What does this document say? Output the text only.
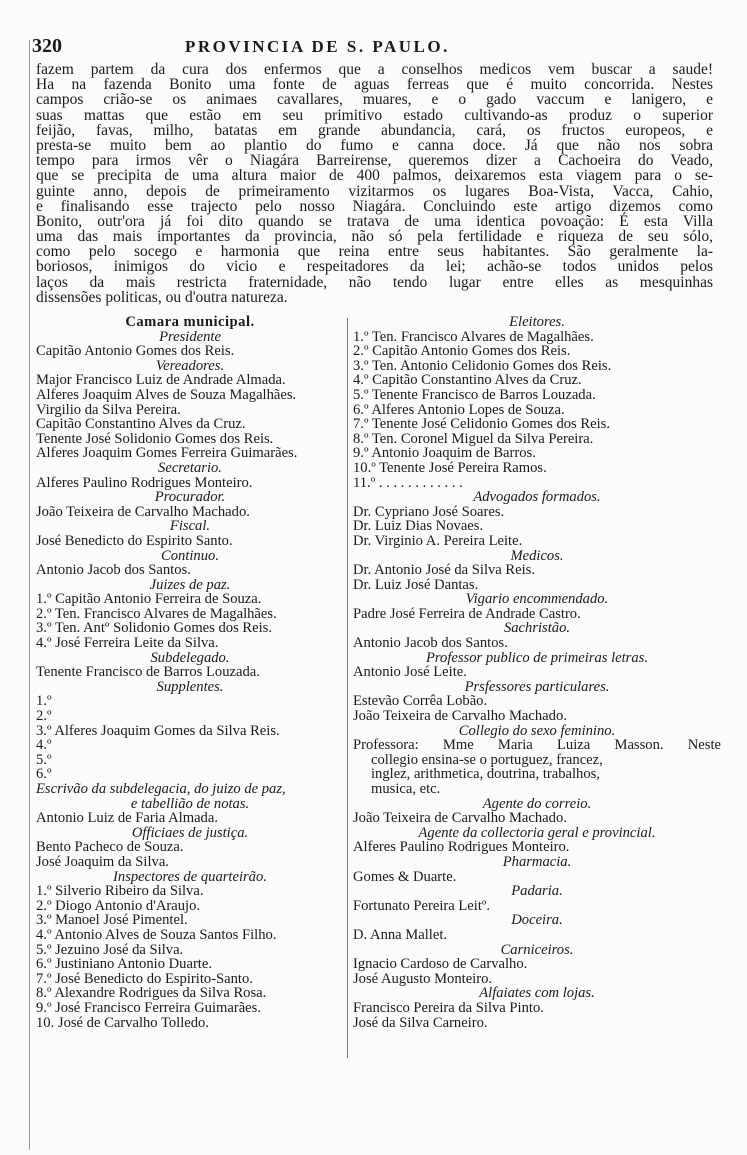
320	PROVINCIA DE S. PAULO.
fazem partem da cura dos enfermos que a conselhos medicos vem buscar a saude!
Ha na fazenda Bonito uma fonte de aguas ferreas que é muito concorrida. Nestes
campos crião-se os animaes cavallares, muares, e o gado vaccum e lanigero, e
suas mattas que estão em seu primitivo estado cultivando-as produz o superior
feijão, favas, milho, batatas em grande abundancia, cará, os fructos europeos, e
presta-se muito bem ao plantio do fumo e canna doce. Já que não nos sobra
tempo para irmos vêr o Niagára Barreirense, queremos dizer a Cachoeira do Veado,
que se precipita de uma altura maior de 400 palmos, deixaremos esta viagem para o se-
guinte anno, depois de primeiramento vizitarmos os lugares Boa-Vista, Vacca, Cahio,
e finalisando esse trajecto pelo nosso Niagára. Concluindo este artigo dizemos como
Bonito, outr'ora já foi dito quando se tratava de uma identica povoação: É esta Villa
uma das mais importantes da provincia, não só pela fertilidade e riqueza de seu sólo,
como pelo socego e harmonia que reina entre seus habitantes. São geralmente la-
boriosos, inimigos do vicio e respeitadores da lei; achão-se todos unidos pelos
laços da mais restricta fraternidade, não tendo lugar entre elles as mesquinhas
dissensões politicas, ou d'outra natureza.
Camara municipal.
Presidente
Capitão Antonio Gomes dos Reis.
Vereadores.
Major Francisco Luiz de Andrade Almada.
Alferes Joaquim Alves de Souza Magalhães.
Virgilio da Silva Pereira.
Capitão Constantino Alves da Cruz.
Tenente José Solidonio Gomes dos Reis.
Alferes Joaquim Gomes Ferreira Guimarães.
Secretario.
Alferes Paulino Rodrigues Monteiro.
Procurador.
João Teixeira de Carvalho Machado.
Fiscal.
José Benedicto do Espirito Santo.
Continuo.
Antonio Jacob dos Santos.
Juizes de paz.
1.º Capitão Antonio Ferreira de Souza.
2.º Ten. Francisco Alvares de Magalhães.
3.º Ten. Antº Solidonio Gomes dos Reis.
4.º José Ferreira Leite da Silva.
Subdelegado.
Tenente Francisco de Barros Louzada.
Supplentes.
1.º
2.º
3.º Alferes Joaquim Gomes da Silva Reis.
4.º
5.º
6.º
Escrivão da subdelegacia, do juizo de paz,
e tabellião de notas.
Antonio Luiz de Faria Almada.
Officiaes de justiça.
Bento Pacheco de Souza.
José Joaquim da Silva.
Inspectores de quarteirão.
1.º Silverio Ribeiro da Silva.
2.º Diogo Antonio d'Araujo.
3.º Manoel José Pimentel.
4.º Antonio Alves de Souza Santos Filho.
5.º Jezuino José da Silva.
6.º Justiniano Antonio Duarte.
7.º José Benedicto do Espirito-Santo.
8.º Alexandre Rodrigues da Silva Rosa.
9.º José Francisco Ferreira Guimarães.
10. José de Carvalho Tolledo.
Eleitores.
1.º Ten. Francisco Alvares de Magalhães.
2.º Capitão Antonio Gomes dos Reis.
3.º Ten. Antonio Celidonio Gomes dos Reis.
4.º Capitão Constantino Alves da Cruz.
5.º Tenente Francisco de Barros Louzada.
6.º Alferes Antonio Lopes de Souza.
7.º Tenente José Celidonio Gomes dos Reis.
8.º Ten. Coronel Miguel da Silva Pereira.
9.º Antonio Joaquim de Barros.
10.º Tenente José Pereira Ramos.
11.º . . . . . . . . . . . .
Advogados formados.
Dr. Cypriano José Soares.
Dr. Luiz Dias Novaes.
Dr. Virginio A. Pereira Leite.
Medicos.
Dr. Antonio José da Silva Reis.
Dr. Luiz José Dantas.
Vigario encommendado.
Padre José Ferreira de Andrade Castro.
Sachristão.
Antonio Jacob dos Santos.
Professor publico de primeiras letras.
Antonio José Leite.
Prsfessores particulares.
Estevão Corrêa Lobão.
João Teixeira de Carvalho Machado.
Collegio do sexo feminino.
Professora: Mme Maria Luiza Masson. Neste
collegio ensina-se o portuguez, francez,
inglez, arithmetica, doutrina, trabalhos,
musica, etc.
Agente do correio.
João Teixeira de Carvalho Machado.
Agente da collectoria geral e provincial.
Alferes Paulino Rodrigues Monteiro.
Pharmacia.
Gomes & Duarte.
Padaria.
Fortunato Pereira Leitº.
Doceira.
D. Anna Mallet.
Carniceiros.
Ignacio Cardoso de Carvalho.
José Augusto Monteiro.
Alfaiates com lojas.
Francisco Pereira da Silva Pinto.
José da Silva Carneiro.
